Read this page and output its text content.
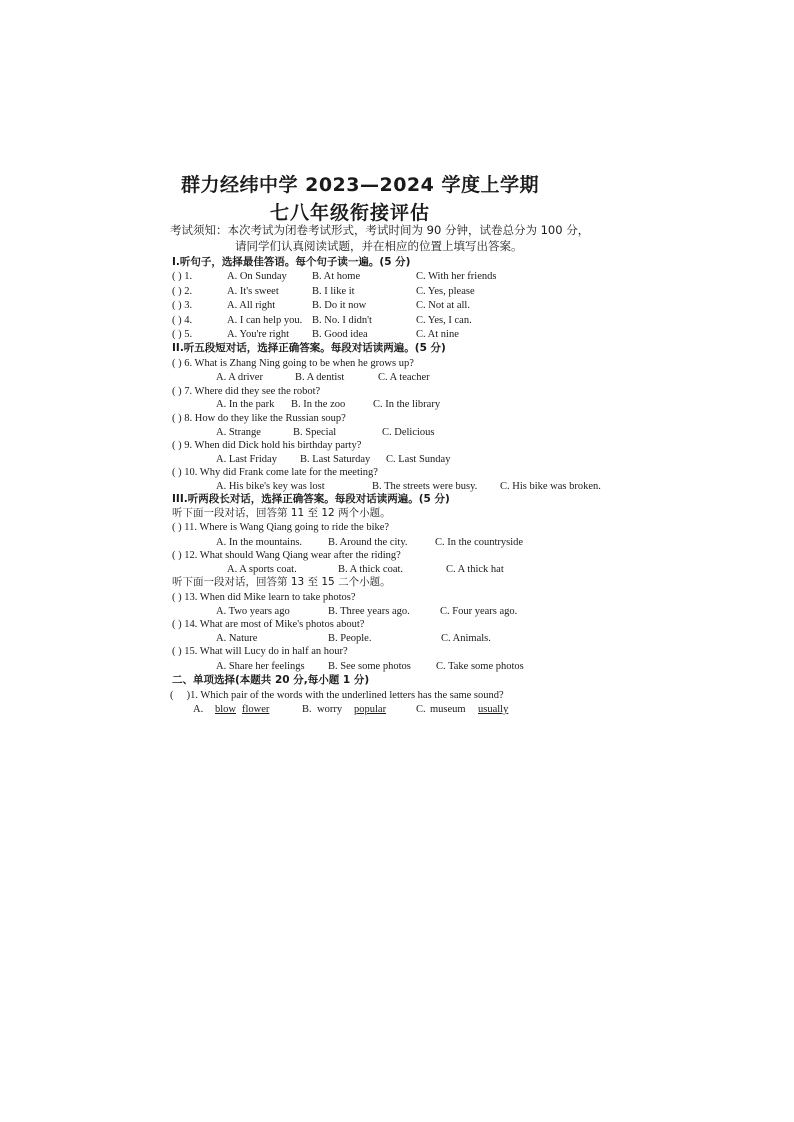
群力经纬中学 2023—2024 学度上学期
七八年级衔接评估
考试须知：本次考试为闭卷考试形式，考试时间为 90 分钟，试卷总分为 100 分，
请同学们认真阅读试题，并在相应的位置上填写出答案。
I.听句子，选择最佳答语。每个句子读一遍。(5 分)
( ) 1.	A. On Sunday B. At home	C. With her friends
( ) 2.	A. It's sweet	B. I like it	C. Yes, please
( ) 3.	A. All right	B. Do it now	C. Not at all.
( ) 4.	A. I can help you. B. No. I didn't	C. Yes, I can.
( ) 5.	A. You're right B. Good idea	C. At nine
II.听五段短对话，选择正确答案。每段对话读两遍。(5 分)
( ) 6. What is Zhang Ning going to be when he grows up?
A. A driver	B. A dentist	C. A teacher
( ) 7. Where did they see the robot?
A. In the park B. In the zoo	C. In the library
( ) 8. How do they like the Russian soup?
A. Strange	B. Special	C. Delicious
( ) 9. When did Dick hold his birthday party?
A. Last Friday B. Last Saturday C. Last Sunday
( ) 10. Why did Frank come late for the meeting?
A. His bike's key was lost	B. The streets were busy. C. His bike was broken.
III.听两段长对话，选择正确答案。每段对话读两遍。(5 分)
听下面一段对话，回答第 11 至 12 两个小题。
( ) 11. Where is Wang Qiang going to ride the bike?
A. In the mountains. B. Around the city.	C. In the countryside
( ) 12. What should Wang Qiang wear after the riding?
A. A sports coat.	B. A thick coat.	C. A thick hat
听下面一段对话，回答第 13 至 15 二个小题。
( ) 13. When did Mike learn to take photos?
A. Two years ago	B. Three years ago.	C. Four years ago.
( ) 14. What are most of Mike's photos about?
A. Nature	B. People.	C. Animals.
( ) 15. What will Lucy do in half an hour?
A. Share her feelings B. See some photos C. Take some photos
二、单项选择(本题共 20 分,每小题 1 分)
(     )1. Which pair of the words with the underlined letters has the same sound?
A. blow flower	B. worry popular	C. museum usually
